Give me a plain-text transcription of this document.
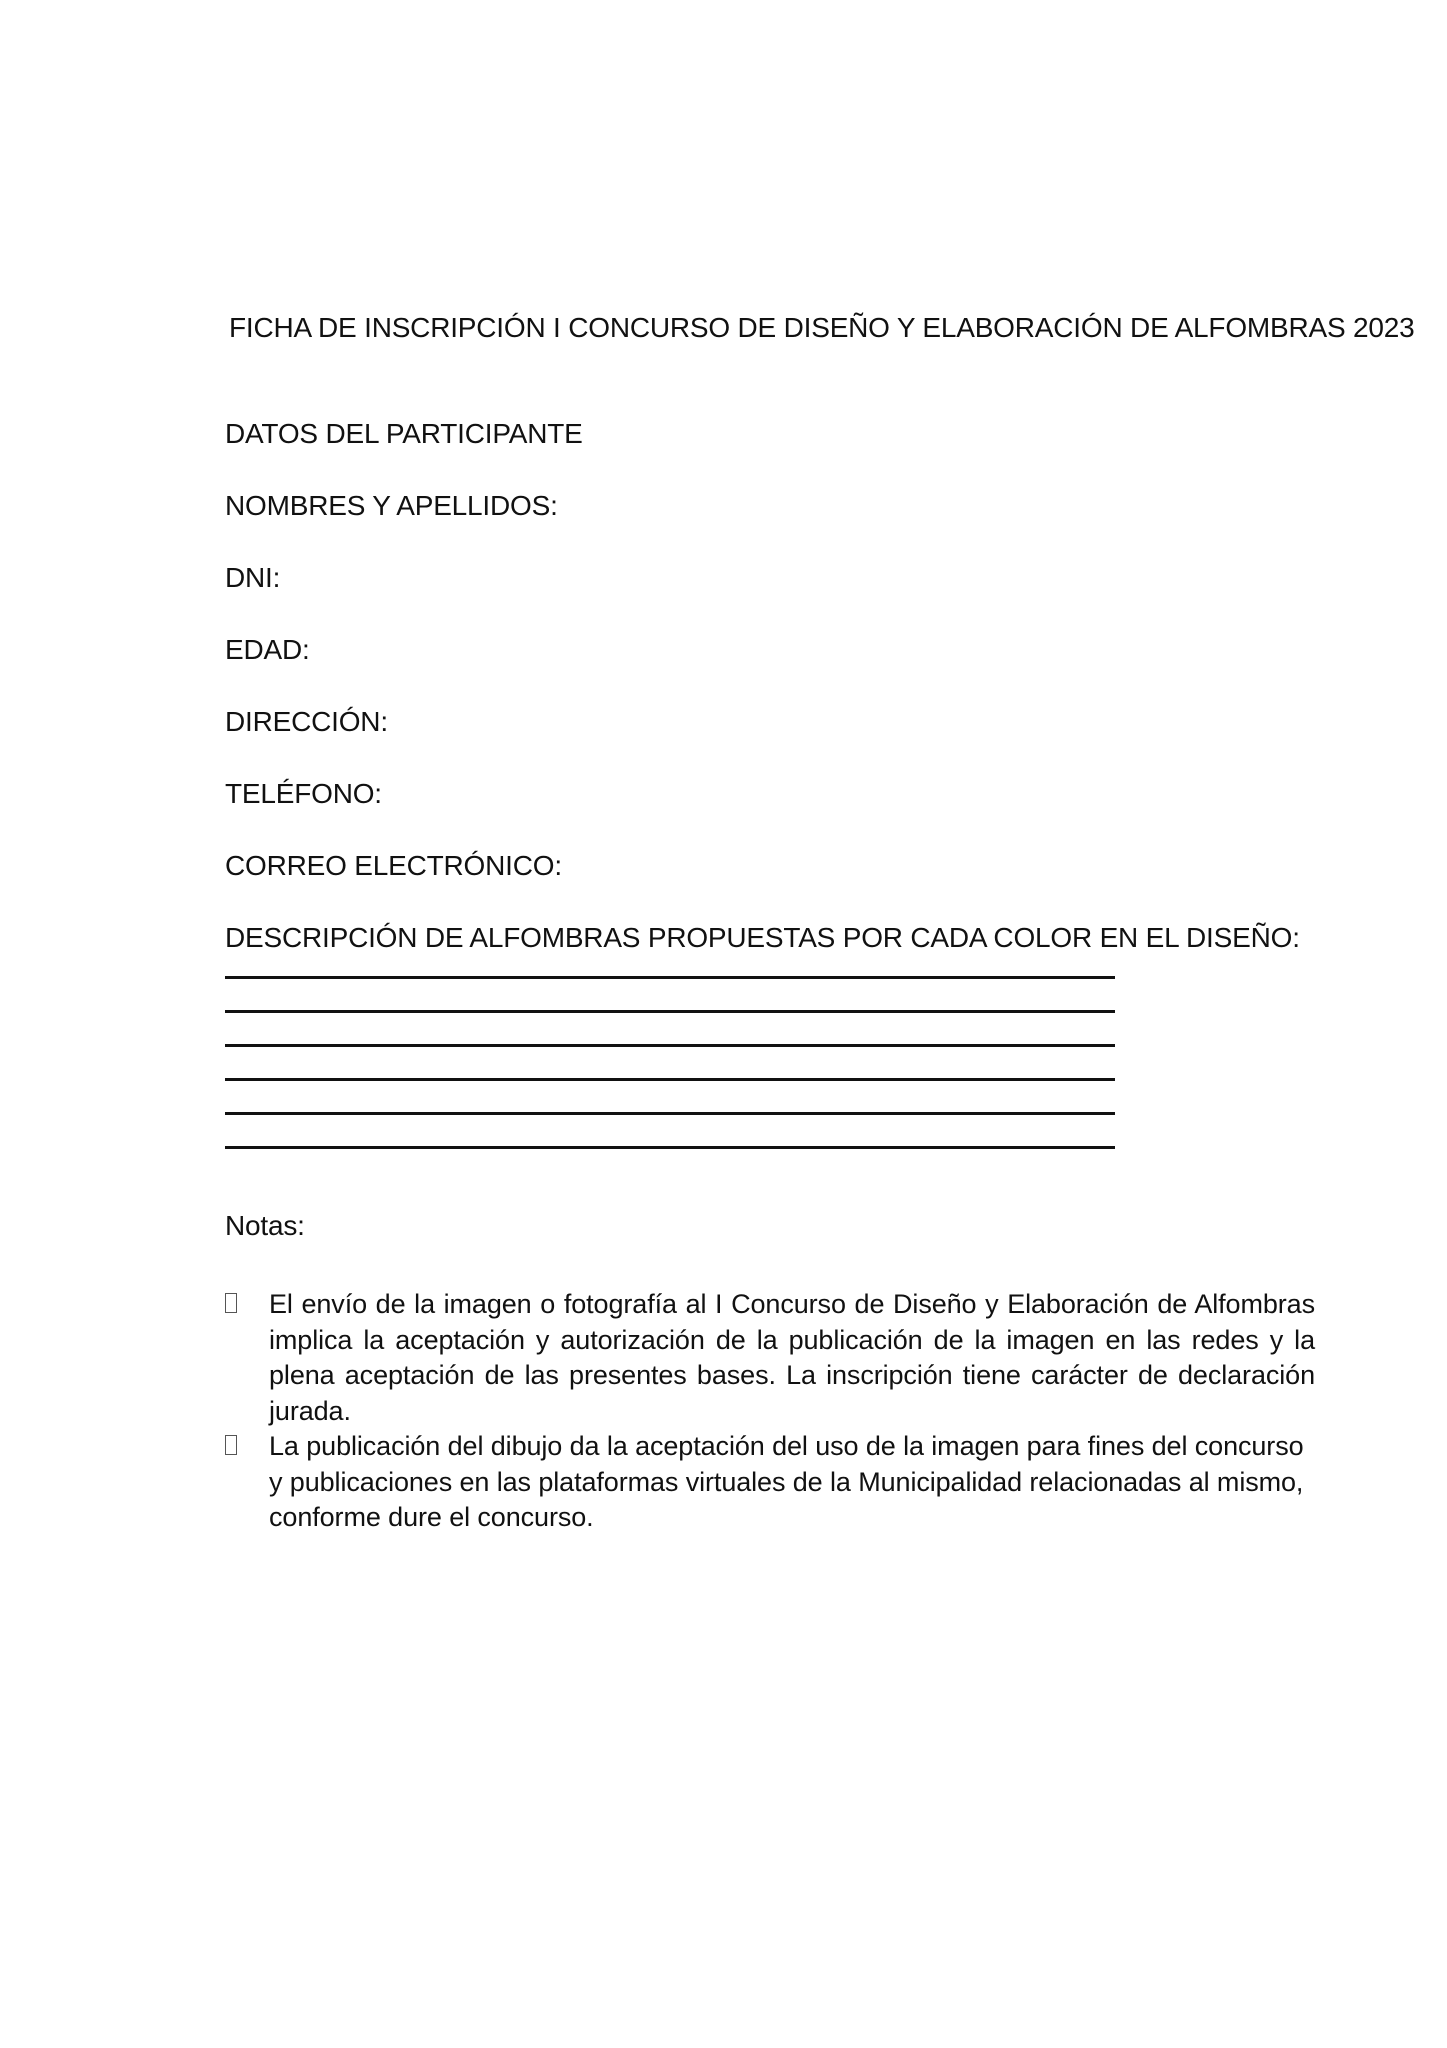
FICHA DE INSCRIPCIÓN I CONCURSO DE DISEÑO Y ELABORACIÓN DE ALFOMBRAS 2023
DATOS DEL PARTICIPANTE
NOMBRES Y APELLIDOS:
DNI:
EDAD:
DIRECCIÓN:
TELÉFONO:
CORREO ELECTRÓNICO:
DESCRIPCIÓN DE ALFOMBRAS PROPUESTAS POR CADA COLOR EN EL DISEÑO:
Notas:
El envío de la imagen o fotografía al I Concurso de Diseño y Elaboración de Alfombras implica la aceptación y autorización de la publicación de la imagen en las redes y la plena aceptación de las presentes bases. La inscripción tiene carácter de declaración jurada.
La publicación del dibujo da la aceptación del uso de la imagen para fines del concurso y publicaciones en las plataformas virtuales de la Municipalidad relacionadas al mismo, conforme dure el concurso.
